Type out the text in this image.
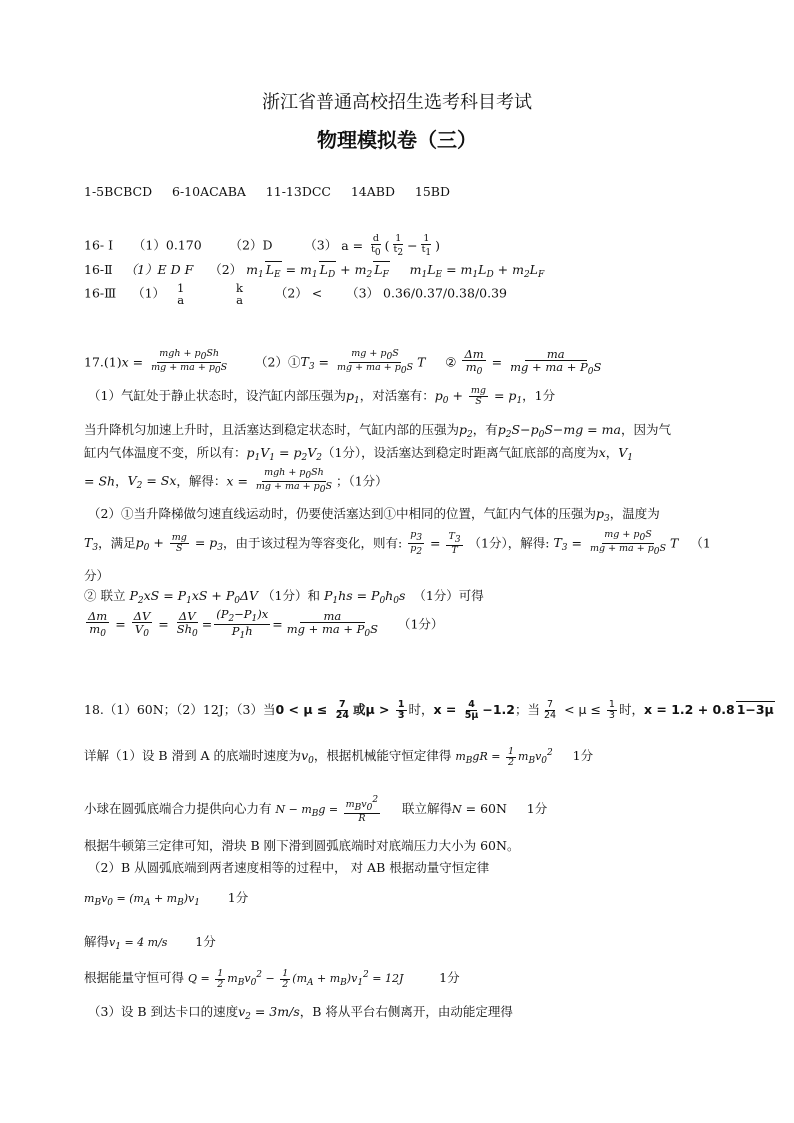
浙江省普通高校招生选考科目考试
物理模拟卷（三）
1-5BCBCD 6-10ACABA 11-13DCC 14ABD 15BD
16- I （1）0.170 （2）D	（3） $a = \frac{d}{t0}$ ( $\frac{1}{t2} - \frac{1}{t1}$ )
16-Ⅱ （1）E D F （2） $m_1$ $L_E = m_1$ $L_D + m_2$ $L_F$ $m_1L_E = m_1L_D + m_2L_F$
16-Ⅲ （1） 1
a

k
a	（2） < （3） 0.36/0.37/0.38/0.39
$17.(1)x = \frac{\text{mgh + p0Sh}}{mg + ma + p0S}$ $(2)①T_3 = \frac{mg + p0S}{mg + ma + p0S}$ T ② $\frac{\Delta m}{m_0} = \frac{ma}{mg + ma + P_0S}$
（1）气缸处于静止状态时，设汽缸内部压强为$p_1$，对活塞有：$p_0 + \frac{mg}{S} = p_1$，1分
当升降机匀加速上升时，且活塞达到稳定状态时，气缸内部的压强为$p_2$，有$p_2S-p_0S-mg$ = ma，因为气
缸内气体温度不变，所以有：$p_1V_1 = p_2V_2(1$分），设活塞达到稳定时距离气缸底部的高度为x，$V_1$
= Sh，$V_2 = Sx$，解得：$x = \frac{\text{mgh + p0Sh}}{mg + ma + p0S}$ ；（1分）
（2）①当升降梯做匀速直线运动时，仍要使活塞达到①中相同的位置，气缸内气体的压强为$p_3$，温度为
$T_3$，满足$p_0 + \frac{mg}{S} = p_3$，由于该过程为等容变化，则有: $\frac{p3}{p2} = \frac{T3}{T} (1$分），解得: $T_3 = \frac{mg + p0S}{mg + ma + p0S}$ T （1
分）
② 联立 $P_2xS = P_1xS + P_0\Delta V$ （1分）和 $P_1hs = P_0h_0s$ （1分）可得
$\frac{\Delta m}{m_0} = \frac{\Delta V}{V_0} = \frac{\Delta V}{Sh_0} = \frac{(P_2-P_1)x}{P_1h} = \frac{ma}{mg + ma + P_0S} (1$分）
18.（1）60N；（2）12J；（3）当$0 < \mu \le \frac{7}{24}$ 或$\mu > \frac{1}{3}$ 时，$x = \frac{4}{5\mu} -1.2$；当 $\frac{7}{24} < \mu \le \frac{1}{3}$ 时，x = 1.2 + 0.8 1−3μ
详解（1）设 B 滑到 A 的底端时速度为$v_0$，根据机械能守恒定律得 $m_BgR = \frac{1}{2} m_Bv_0^2$ 1分
小球在圆弧底端合力提供向心力有 $N - m_Bg = \frac{\text{mBv02}}{R}$ 联立解得N = 60N     1分
根据牛顿第三定律可知，滑块 B 刚下滑到圆弧底端时对底端压力大小为 60N。
（2）B 从圆弧底端到两者速度相等的过程中， 对 AB 根据动量守恒定律
$m_Bv_0 = (m_A + m_B)v_1$ 1分
解得$v_1 = 4$ m/s 1分
根据能量守恒可得 $Q = \frac{1}{2} m_Bv_0^2 - \frac{1}{2} (m_A + m_B)v_1^2 = 12J$	1分
（3）设 B 到达卡口的速度$v_2 = 3m/s$，B 将从平台右侧离开，由动能定理得
